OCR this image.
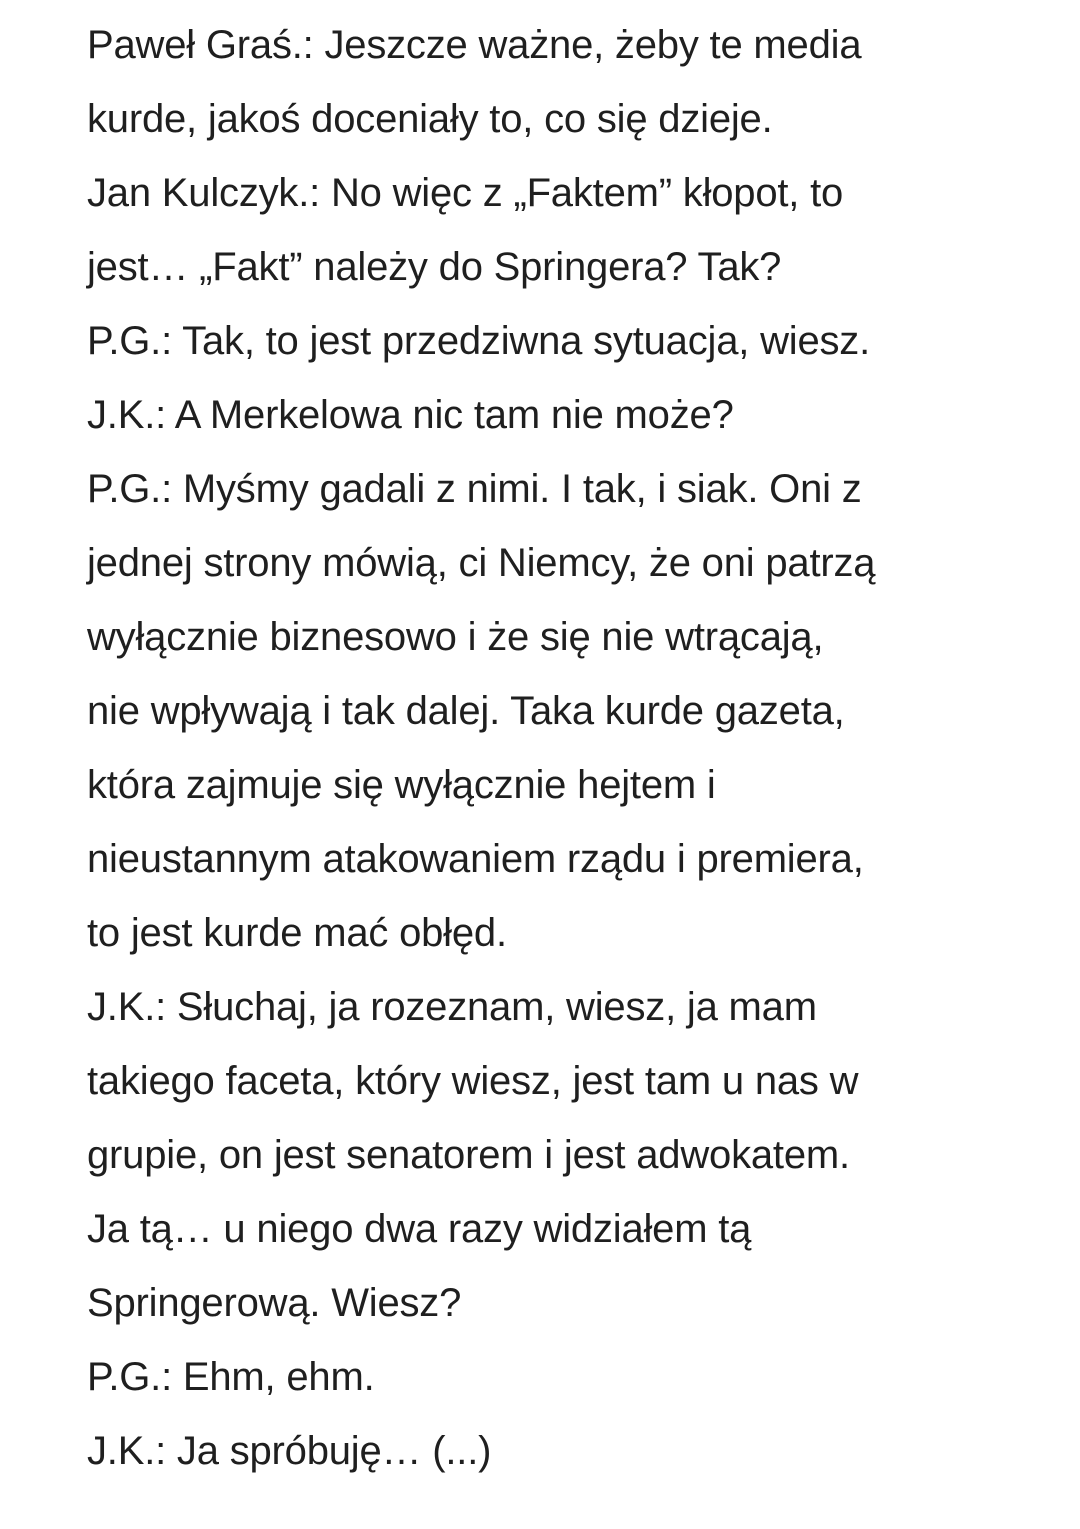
Paweł Graś.: Jeszcze ważne, żeby te media
kurde, jakoś doceniały to, co się dzieje.
Jan Kulczyk.: No więc z „Faktem” kłopot, to
jest… „Fakt” należy do Springera? Tak?
P.G.: Tak, to jest przedziwna sytuacja, wiesz.
J.K.: A Merkelowa nic tam nie może?
P.G.: Myśmy gadali z nimi. I tak, i siak. Oni z
jednej strony mówią, ci Niemcy, że oni patrzą
wyłącznie biznesowo i że się nie wtrącają,
nie wpływają i tak dalej. Taka kurde gazeta,
która zajmuje się wyłącznie hejtem i
nieustannym atakowaniem rządu i premiera,
to jest kurde mać obłęd.
J.K.: Słuchaj, ja rozeznam, wiesz, ja mam
takiego faceta, który wiesz, jest tam u nas w
grupie, on jest senatorem i jest adwokatem.
Ja tą… u niego dwa razy widziałem tą
Springerową. Wiesz?
P.G.: Ehm, ehm.
J.K.: Ja spróbuję… (...)
